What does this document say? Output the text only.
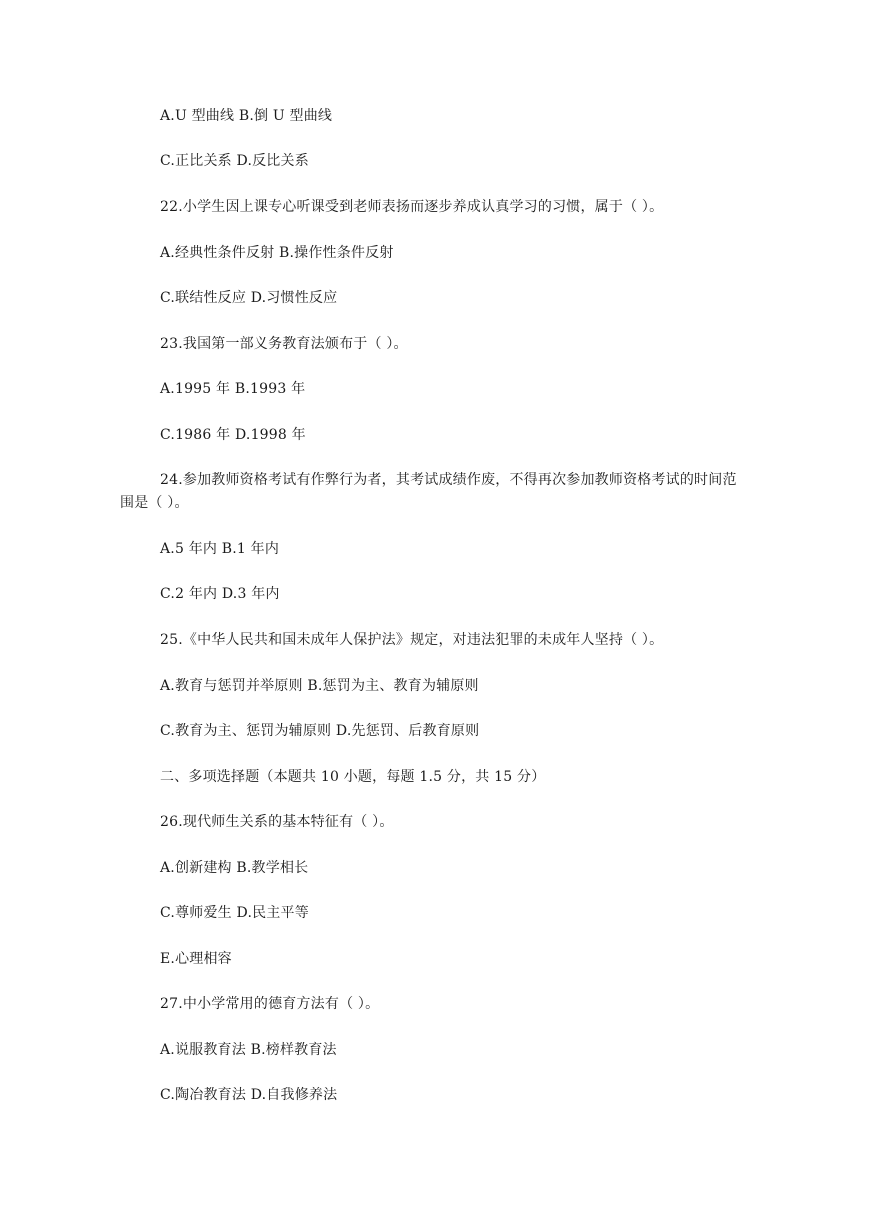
A.U 型曲线 B.倒 U 型曲线
C.正比关系 D.反比关系
22.小学生因上课专心听课受到老师表扬而逐步养成认真学习的习惯，属于（ ）。
A.经典性条件反射 B.操作性条件反射
C.联结性反应 D.习惯性反应
23.我国第一部义务教育法颁布于（ ）。
A.1995 年 B.1993 年
C.1986 年 D.1998 年
24.参加教师资格考试有作弊行为者，其考试成绩作废，不得再次参加教师资格考试的时间范围是（ ）。
A.5 年内 B.1 年内
C.2 年内 D.3 年内
25.《中华人民共和国未成年人保护法》规定，对违法犯罪的未成年人坚持（ ）。
A.教育与惩罚并举原则 B.惩罚为主、教育为辅原则
C.教育为主、惩罚为辅原则 D.先惩罚、后教育原则
二、多项选择题（本题共 10 小题，每题 1.5 分，共 15 分）
26.现代师生关系的基本特征有（ ）。
A.创新建构 B.教学相长
C.尊师爱生 D.民主平等
E.心理相容
27.中小学常用的德育方法有（ ）。
A.说服教育法 B.榜样教育法
C.陶冶教育法 D.自我修养法
